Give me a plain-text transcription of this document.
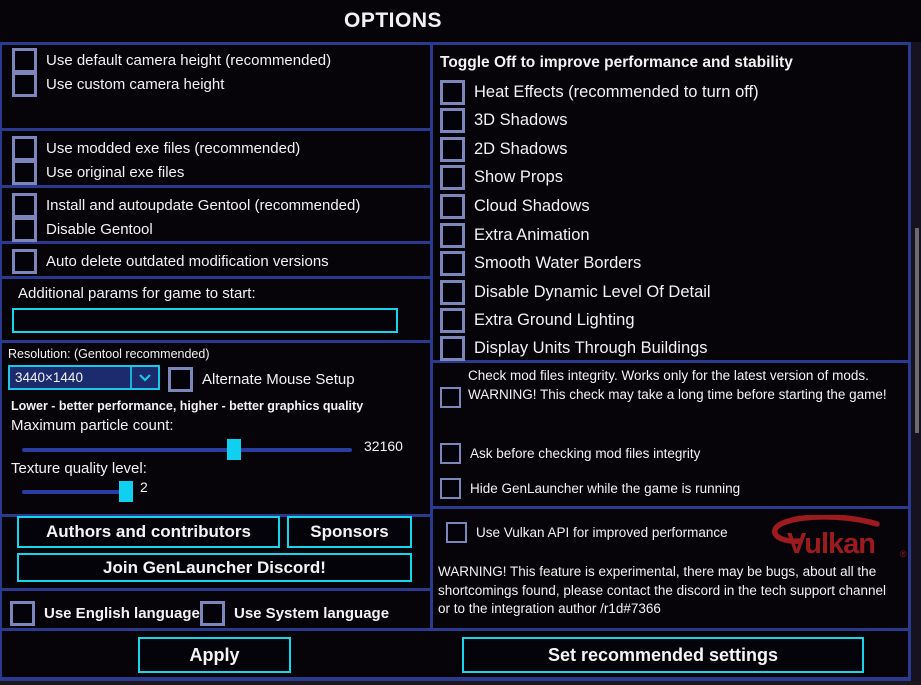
OPTIONS
Use default camera height (recommended)
Use custom camera height
Use modded exe files (recommended)
Use original exe files
Install and autoupdate Gentool (recommended)
Disable Gentool
Auto delete outdated modification versions
Additional params for game to start:
Resolution: (Gentool recommended)
3440×1440	Alternate Mouse Setup
Lower - better performance, higher - better graphics quality
Maximum particle count:
32160
Texture quality level:
2
Authors and contributors	Sponsors
Join GenLauncher Discord!
Use English language Use System language
Toggle Off to improve performance and stability
Heat Effects (recommended to turn off)
3D Shadows
2D Shadows
Show Props
Cloud Shadows
Extra Animation
Smooth Water Borders
Disable Dynamic Level Of Detail
Extra Ground Lighting
Display Units Through Buildings
Check mod files integrity. Works only for the latest version of mods. WARNING! This check may take a long time before starting the game!
Ask before checking mod files integrity
Hide GenLauncher while the game is running
Use Vulkan API for improved performance Vulkan	®
WARNING! This feature is experimental, there may be bugs, about all the shortcomings found, please contact the discord in the tech support channel or to the integration author /r1d#7366
Apply	Set recommended settings
